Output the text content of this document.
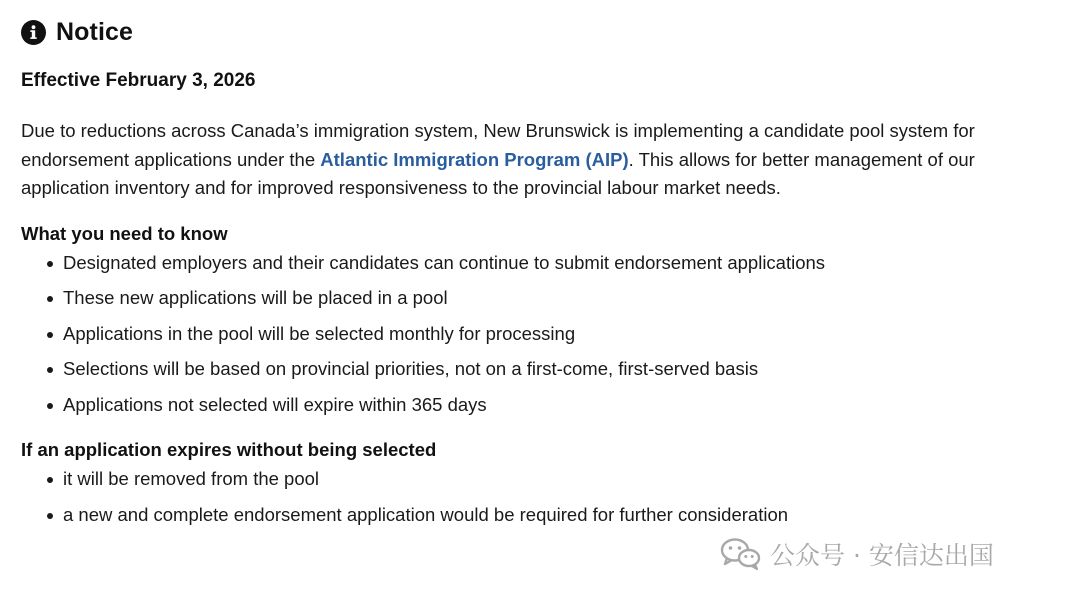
Notice
Effective February 3, 2026

Due to reductions across Canada’s immigration system, New Brunswick is implementing a candidate pool system for endorsement applications under the Atlantic Immigration Program (AIP). This allows for better management of our application inventory and for improved responsiveness to the provincial labour market needs.

What you need to know
Designated employers and their candidates can continue to submit endorsement applications
These new applications will be placed in a pool
Applications in the pool will be selected monthly for processing
Selections will be based on provincial priorities, not on a first-come, first-served basis
Applications not selected will expire within 365 days
If an application expires without being selected
it will be removed from the pool
a new and complete endorsement application would be required for further consideration
公众号 · 安信达出国
